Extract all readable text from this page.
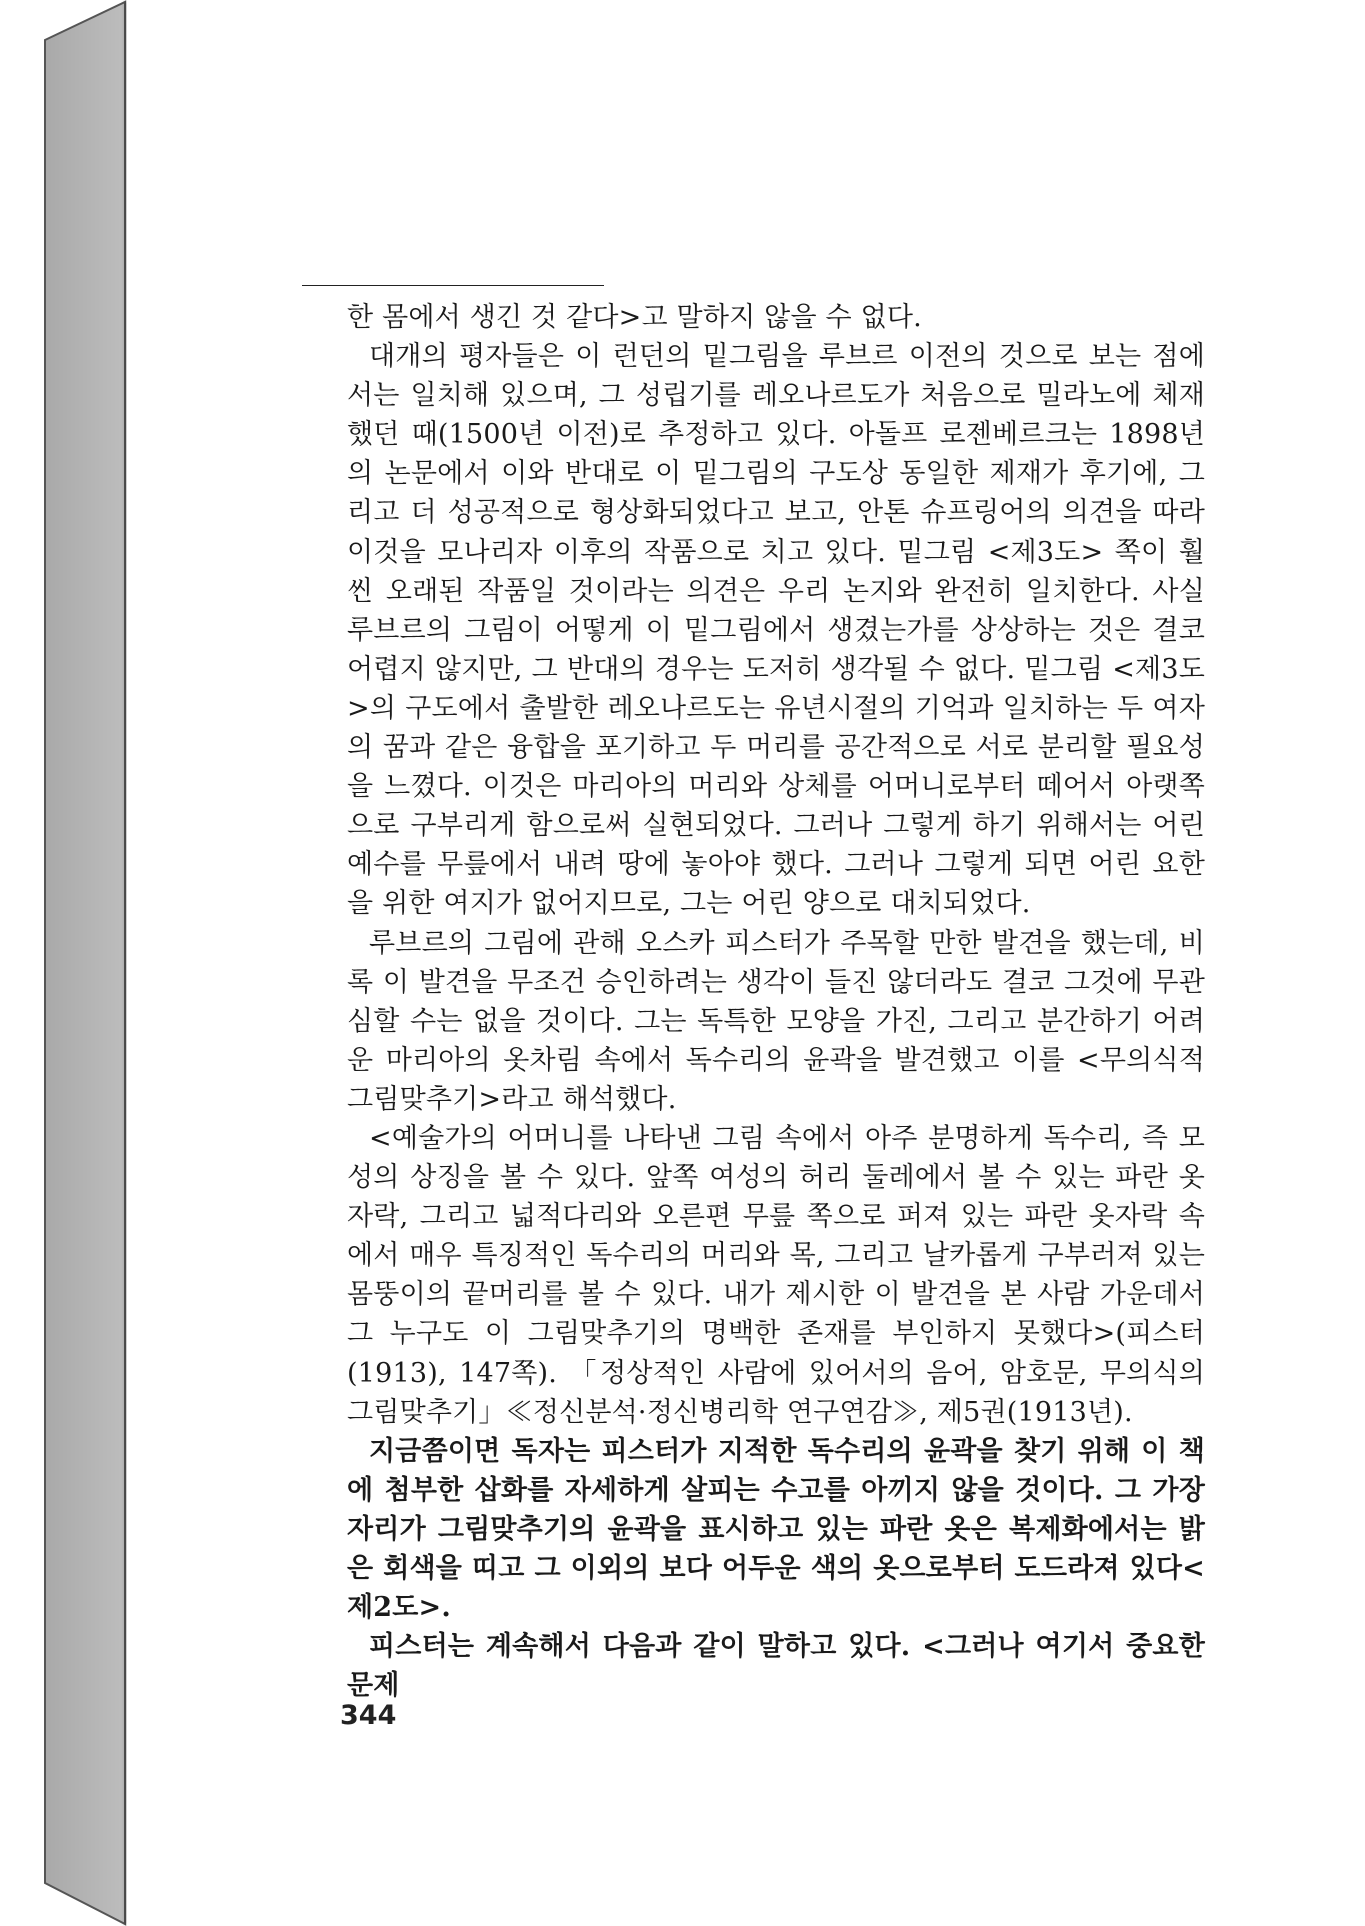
한 몸에서 생긴 것 같다>고 말하지 않을 수 없다.

대개의 평자들은 이 런던의 밑그림을 루브르 이전의 것으로 보는 점에서는 일치해 있으며, 그 성립기를 레오나르도가 처음으로 밀라노에 체재했던 때(1500년 이전)로 추정하고 있다. 아돌프 로젠베르크는 1898년의 논문에서 이와 반대로 이 밑그림의 구도상 동일한 제재가 후기에, 그리고 더 성공적으로 형상화되었다고 보고, 안톤 슈프링어의 의견을 따라 이것을 모나리자 이후의 작품으로 치고 있다. 밑그림 <제3도> 쪽이 훨씬 오래된 작품일 것이라는 의견은 우리 논지와 완전히 일치한다. 사실 루브르의 그림이 어떻게 이 밑그림에서 생겼는가를 상상하는 것은 결코 어렵지 않지만, 그 반대의 경우는 도저히 생각될 수 없다. 밑그림 <제3도>의 구도에서 출발한 레오나르도는 유년시절의 기억과 일치하는 두 여자의 꿈과 같은 융합을 포기하고 두 머리를 공간적으로 서로 분리할 필요성을 느꼈다. 이것은 마리아의 머리와 상체를 어머니로부터 떼어서 아랫쪽으로 구부리게 함으로써 실현되었다. 그러나 그렇게 하기 위해서는 어린 예수를 무릎에서 내려 땅에 놓아야 했다. 그러나 그렇게 되면 어린 요한을 위한 여지가 없어지므로, 그는 어린 양으로 대치되었다.

루브르의 그림에 관해 오스카 피스터가 주목할 만한 발견을 했는데, 비록 이 발견을 무조건 승인하려는 생각이 들진 않더라도 결코 그것에 무관심할 수는 없을 것이다. 그는 독특한 모양을 가진, 그리고 분간하기 어려운 마리아의 옷차림 속에서 독수리의 윤곽을 발견했고 이를 <무의식적 그림맞추기>라고 해석했다.

<예술가의 어머니를 나타낸 그림 속에서 아주 분명하게 독수리, 즉 모성의 상징을 볼 수 있다. 앞쪽 여성의 허리 둘레에서 볼 수 있는 파란 옷자락, 그리고 넓적다리와 오른편 무릎 쪽으로 퍼져 있는 파란 옷자락 속에서 매우 특징적인 독수리의 머리와 목, 그리고 날카롭게 구부러져 있는 몸뚱이의 끝머리를 볼 수 있다. 내가 제시한 이 발견을 본 사람 가운데서 그 누구도 이 그림맞추기의 명백한 존재를 부인하지 못했다>(피스터(1913), 147쪽). 「정상적인 사람에 있어서의 음어, 암호문, 무의식의 그림맞추기」≪정신분석·정신병리학 연구연감≫, 제5권(1913년).

지금쯤이면 독자는 피스터가 지적한 독수리의 윤곽을 찾기 위해 이 책에 첨부한 삽화를 자세하게 살피는 수고를 아끼지 않을 것이다. 그 가장자리가 그림맞추기의 윤곽을 표시하고 있는 파란 옷은 복제화에서는 밝은 회색을 띠고 그 이외의 보다 어두운 색의 옷으로부터 도드라져 있다<제2도>.

피스터는 계속해서 다음과 같이 말하고 있다. <그러나 여기서 중요한 문제

344
